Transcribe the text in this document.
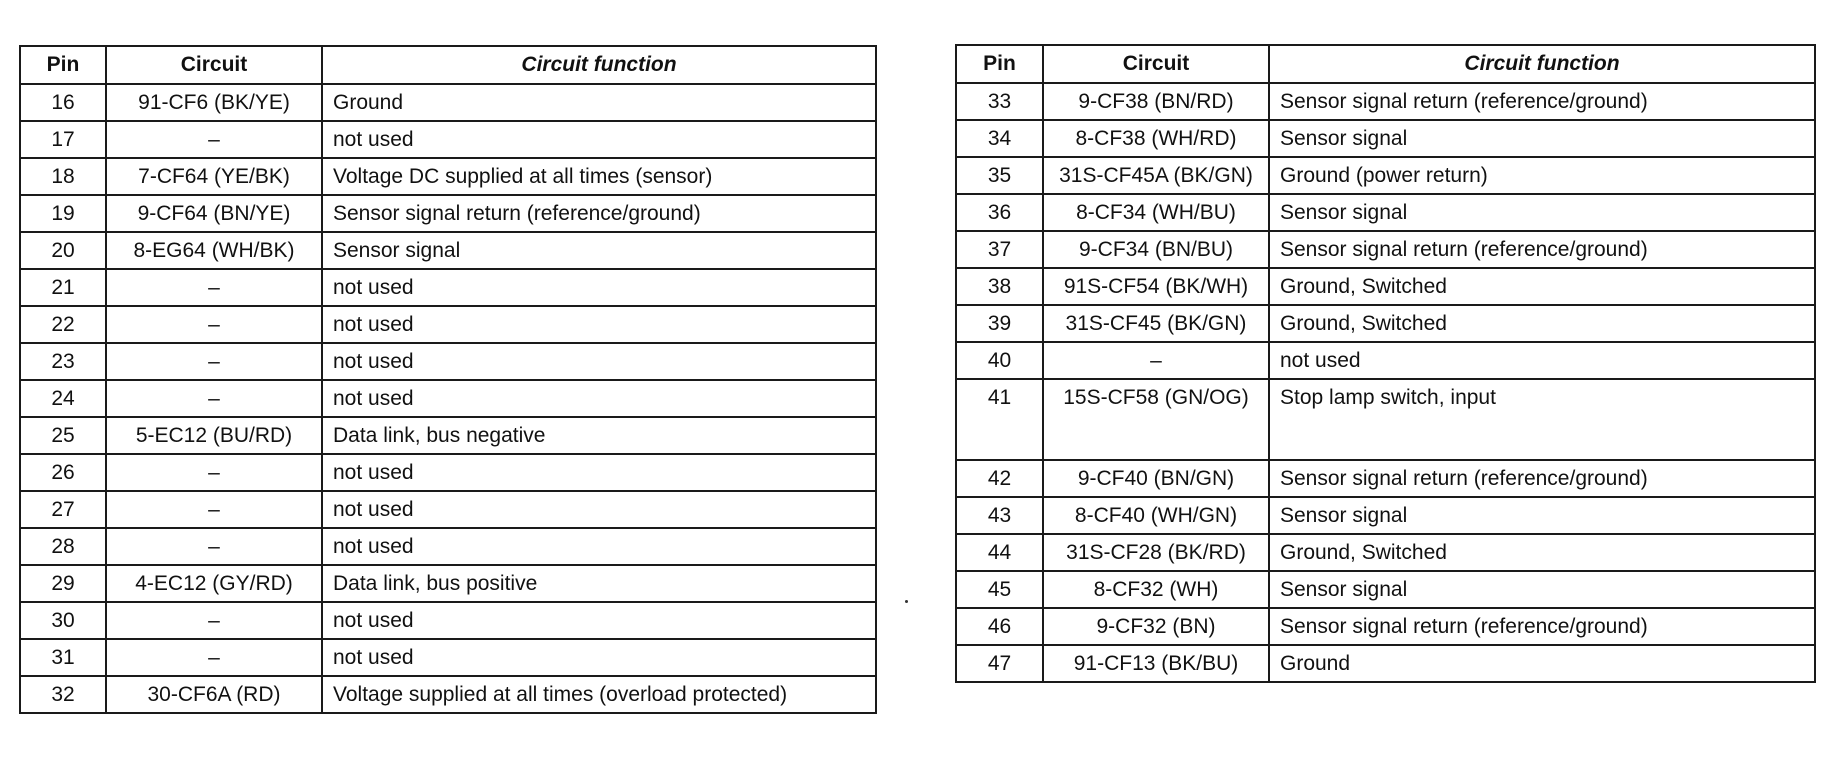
Pin	Circuit	Circuit function
16	91-CF6 (BK/YE)	Ground
17	–	not used
18	7-CF64 (YE/BK)	Voltage DC supplied at all times (sensor)
19	9-CF64 (BN/YE)	Sensor signal return (reference/ground)
20	8-EG64 (WH/BK)	Sensor signal
21	–	not used
22	–	not used
23	–	not used
24	–	not used
25	5-EC12 (BU/RD)	Data link, bus negative
26	–	not used
27	–	not used
28	–	not used
29	4-EC12 (GY/RD)	Data link, bus positive
30	–	not used
31	–	not used
32	30-CF6A (RD)	Voltage supplied at all times (overload protected)
Pin	Circuit	Circuit function
33	9-CF38 (BN/RD)	Sensor signal return (reference/ground)
34	8-CF38 (WH/RD)	Sensor signal
35	31S-CF45A (BK/GN)	Ground (power return)
36	8-CF34 (WH/BU)	Sensor signal
37	9-CF34 (BN/BU)	Sensor signal return (reference/ground)
38	91S-CF54 (BK/WH)	Ground, Switched
39	31S-CF45 (BK/GN)	Ground, Switched
40	–	not used
41	15S-CF58 (GN/OG)	Stop lamp switch, input
42	9-CF40 (BN/GN)	Sensor signal return (reference/ground)
43	8-CF40 (WH/GN)	Sensor signal
44	31S-CF28 (BK/RD)	Ground, Switched
45	8-CF32 (WH)	Sensor signal
46	9-CF32 (BN)	Sensor signal return (reference/ground)
47	91-CF13 (BK/BU)	Ground
